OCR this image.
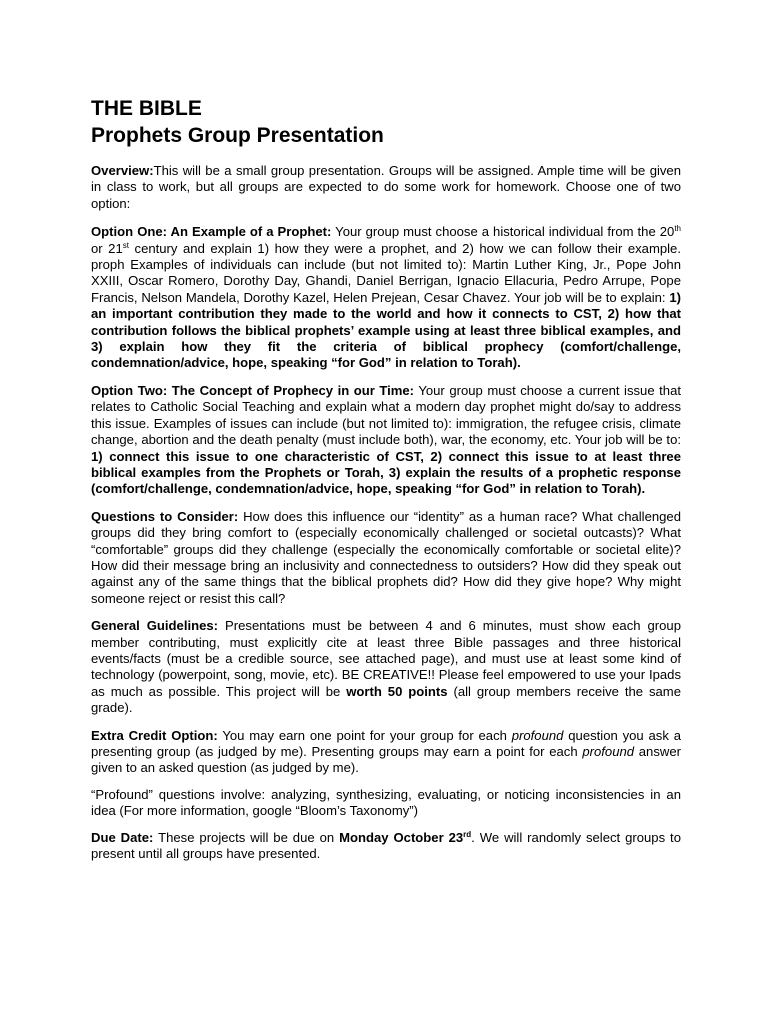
THE BIBLE
Prophets Group Presentation

Overview:This will be a small group presentation. Groups will be assigned. Ample time will be given in class to work, but all groups are expected to do some work for homework. Choose one of two option:

Option One: An Example of a Prophet: Your group must choose a historical individual from the 20th or 21st century and explain 1) how they were a prophet, and 2) how we can follow their example. proph Examples of individuals can include (but not limited to): Martin Luther King, Jr., Pope John XXIII, Oscar Romero, Dorothy Day, Ghandi, Daniel Berrigan, Ignacio Ellacuria, Pedro Arrupe, Pope Francis, Nelson Mandela, Dorothy Kazel, Helen Prejean, Cesar Chavez. Your job will be to explain: 1) an important contribution they made to the world and how it connects to CST, 2) how that contribution follows the biblical prophets’ example using at least three biblical examples, and 3) explain how they fit the criteria of biblical prophecy (comfort/challenge, condemnation/advice, hope, speaking “for God” in relation to Torah).

Option Two: The Concept of Prophecy in our Time: Your group must choose a current issue that relates to Catholic Social Teaching and explain what a modern day prophet might do/say to address this issue. Examples of issues can include (but not limited to): immigration, the refugee crisis, climate change, abortion and the death penalty (must include both), war, the economy, etc. Your job will be to: 1) connect this issue to one characteristic of CST, 2) connect this issue to at least three biblical examples from the Prophets or Torah, 3) explain the results of a prophetic response (comfort/challenge, condemnation/advice, hope, speaking “for God” in relation to Torah).

Questions to Consider: How does this influence our “identity” as a human race? What challenged groups did they bring comfort to (especially economically challenged or societal outcasts)? What “comfortable” groups did they challenge (especially the economically comfortable or societal elite)? How did their message bring an inclusivity and connectedness to outsiders? How did they speak out against any of the same things that the biblical prophets did? How did they give hope? Why might someone reject or resist this call?

General Guidelines: Presentations must be between 4 and 6 minutes, must show each group member contributing, must explicitly cite at least three Bible passages and three historical events/facts (must be a credible source, see attached page), and must use at least some kind of technology (powerpoint, song, movie, etc). BE CREATIVE!! Please feel empowered to use your Ipads as much as possible. This project will be worth 50 points (all group members receive the same grade).

Extra Credit Option: You may earn one point for your group for each profound question you ask a presenting group (as judged by me). Presenting groups may earn a point for each profound answer given to an asked question (as judged by me).

“Profound” questions involve: analyzing, synthesizing, evaluating, or noticing inconsistencies in an idea (For more information, google “Bloom’s Taxonomy”)

Due Date: These projects will be due on Monday October 23rd. We will randomly select groups to present until all groups have presented.
